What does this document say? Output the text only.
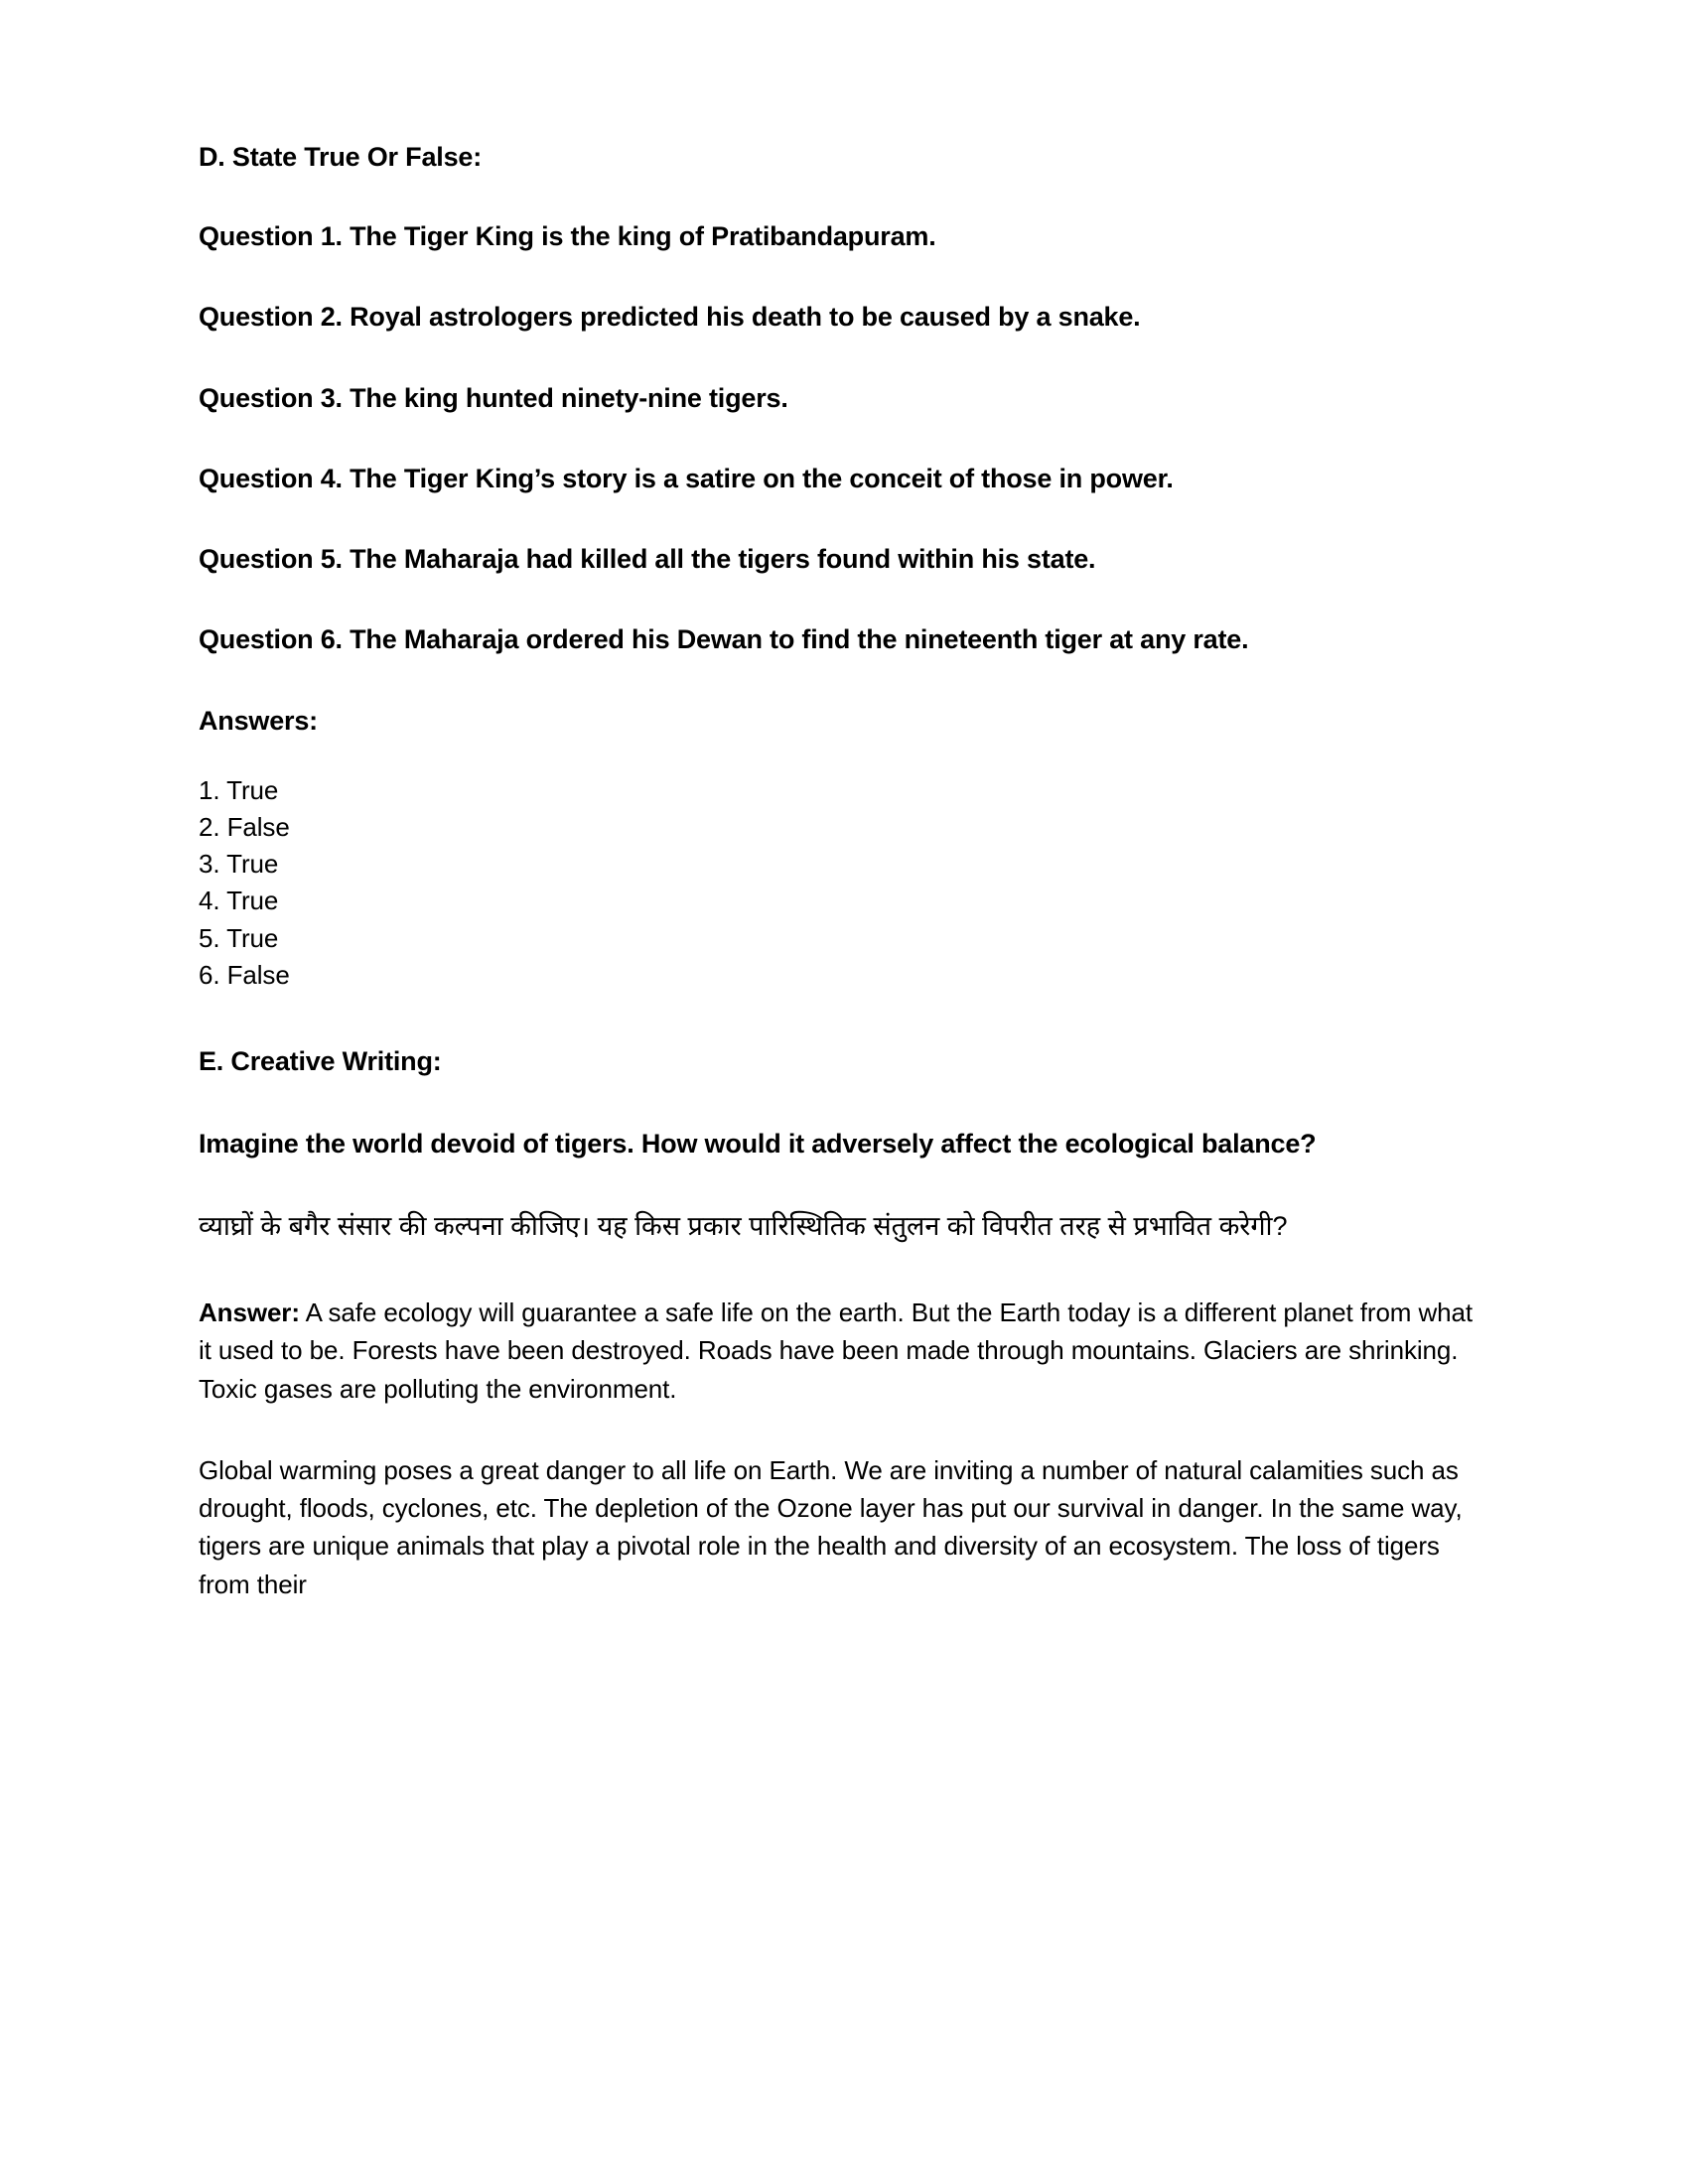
D. State True Or False:

Question 1. The Tiger King is the king of Pratibandapuram.

Question 2. Royal astrologers predicted his death to be caused by a snake.

Question 3. The king hunted ninety-nine tigers.

Question 4. The Tiger King’s story is a satire on the conceit of those in power.

Question 5. The Maharaja had killed all the tigers found within his state.

Question 6. The Maharaja ordered his Dewan to find the nineteenth tiger at any rate.

Answers:

1. True
2. False
3. True
4. True
5. True
6. False

E. Creative Writing:

Imagine the world devoid of tigers. How would it adversely affect the ecological balance?

व्याघ्रों के बगैर संसार की कल्पना कीजिए। यह किस प्रकार पारिस्थितिक संतुलन को विपरीत तरह से प्रभावित करेगी?

Answer: A safe ecology will guarantee a safe life on the earth. But the Earth today is a different planet from what it used to be. Forests have been destroyed. Roads have been made through mountains. Glaciers are shrinking. Toxic gases are polluting the environment.

Global warming poses a great danger to all life on Earth. We are inviting a number of natural calamities such as drought, floods, cyclones, etc. The depletion of the Ozone layer has put our survival in danger. In the same way, tigers are unique animals that play a pivotal role in the health and diversity of an ecosystem. The loss of tigers from their
